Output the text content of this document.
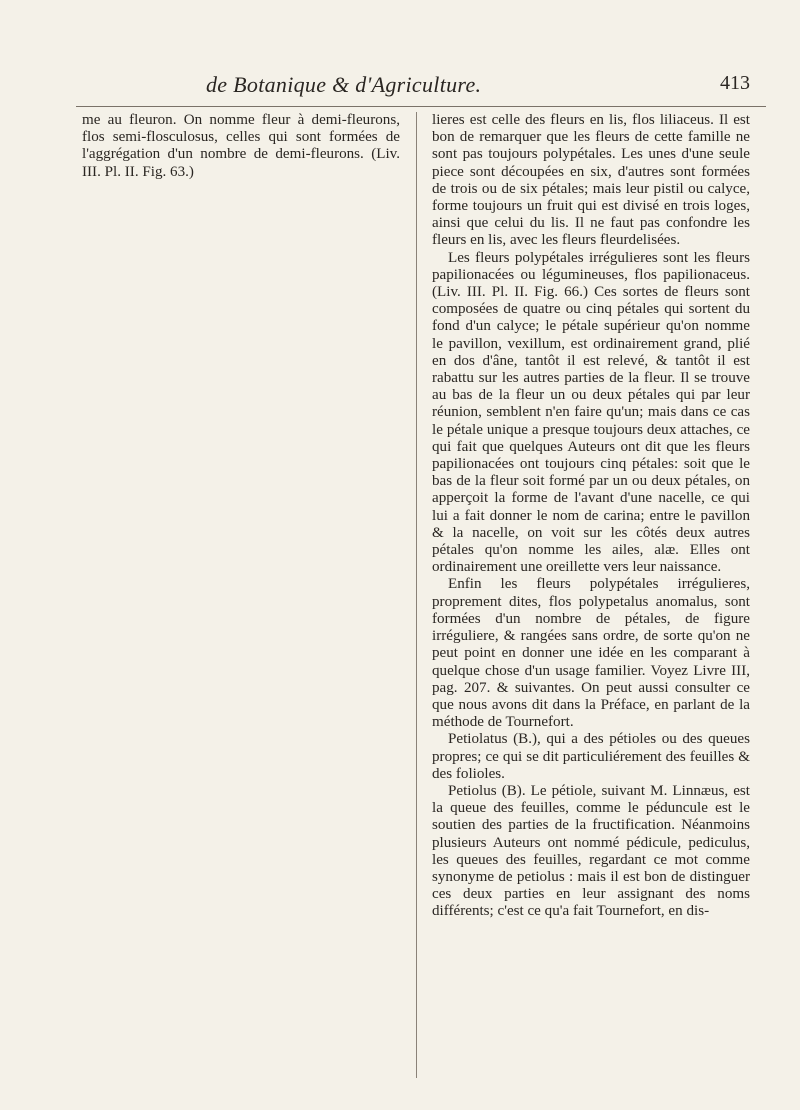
de Botanique & d'Agriculture.	413

me au fleuron. On nomme fleur à demi-fleurons, flos semi-flosculosus, celles qui sont formées de l'aggrégation d'un nombre de demi-fleurons. (Liv. III. Pl. II. Fig. 63.)

lieres est celle des fleurs en lis, flos liliaceus. Il est bon de remarquer que les fleurs de cette famille ne sont pas toujours polypétales. Les unes d'une seule piece sont découpées en six, d'autres sont formées de trois ou de six pétales; mais leur pistil ou calyce, forme toujours un fruit qui est divisé en trois loges, ainsi que celui du lis. Il ne faut pas confondre les fleurs en lis, avec les fleurs fleurdelisées.

Les fleurs polypétales irrégulieres sont les fleurs papilionacées ou légumineuses, flos papilionaceus. (Liv. III. Pl. II. Fig. 66.) Ces sortes de fleurs sont composées de quatre ou cinq pétales qui sortent du fond d'un calyce; le pétale supérieur qu'on nomme le pavillon, vexillum, est ordinairement grand, plié en dos d'âne, tantôt il est relevé, & tantôt il est rabattu sur les autres parties de la fleur. Il se trouve au bas de la fleur un ou deux pétales qui par leur réunion, semblent n'en faire qu'un; mais dans ce cas le pétale unique a presque toujours deux attaches, ce qui fait que quelques Auteurs ont dit que les fleurs papilionacées ont toujours cinq pétales: soit que le bas de la fleur soit formé par un ou deux pétales, on apperçoit la forme de l'avant d'une nacelle, ce qui lui a fait donner le nom de carina; entre le pavillon & la nacelle, on voit sur les côtés deux autres pétales qu'on nomme les ailes, alæ. Elles ont ordinairement une oreillette vers leur naissance.

Enfin les fleurs polypétales irrégulieres, proprement dites, flos polypetalus anomalus, sont formées d'un nombre de pétales, de figure irréguliere, & rangées sans ordre, de sorte qu'on ne peut point en donner une idée en les comparant à quelque chose d'un usage familier. Voyez Livre III, pag. 207. & suivantes. On peut aussi consulter ce que nous avons dit dans la Préface, en parlant de la méthode de Tournefort.

Petiolatus (B.), qui a des pétioles ou des queues propres; ce qui se dit particuliérement des feuilles & des folioles.

Petiolus (B). Le pétiole, suivant M. Linnæus, est la queue des feuilles, comme le péduncule est le soutien des parties de la fructification. Néanmoins plusieurs Auteurs ont nommé pédicule, pediculus, les queues des feuilles, regardant ce mot comme synonyme de petiolus : mais il est bon de distinguer ces deux parties en leur assignant des noms différents; c'est ce qu'a fait Tournefort, en dis-
